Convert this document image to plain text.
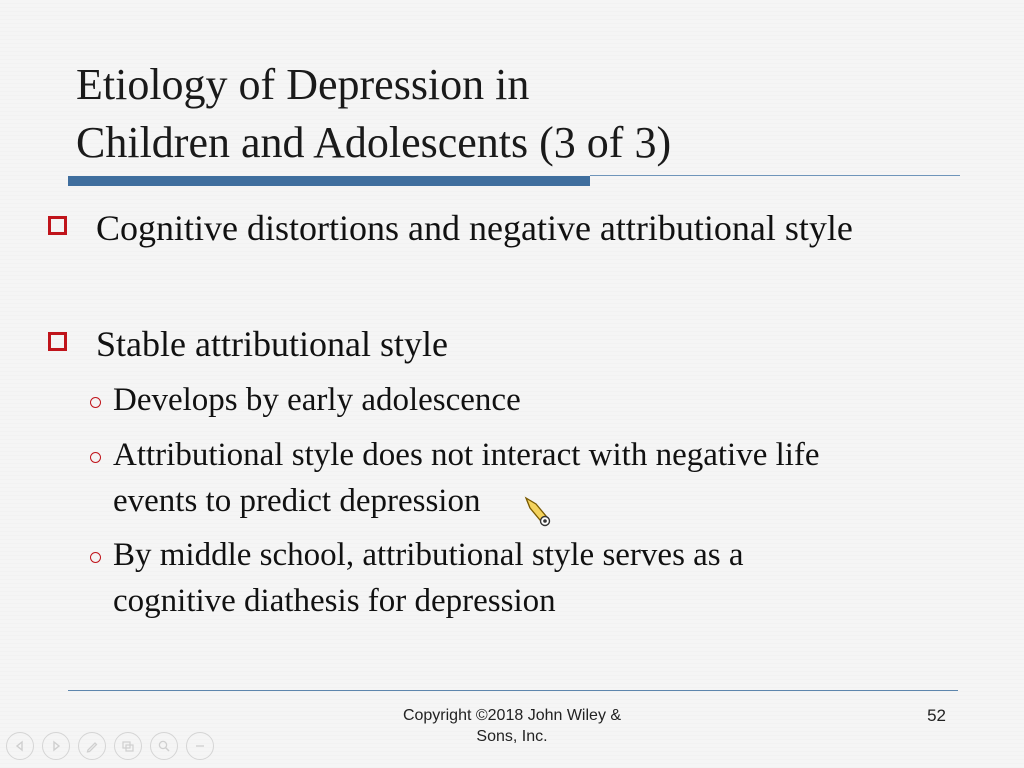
Etiology of Depression in
Children and Adolescents (3 of 3)
Cognitive distortions and negative attributional style
Stable attributional style
Develops by early adolescence
Attributional style does not interact with negative life
events to predict depression
By middle school, attributional style serves as a
cognitive diathesis for depression
Copyright ©2018 John Wiley &
Sons, Inc.
52
